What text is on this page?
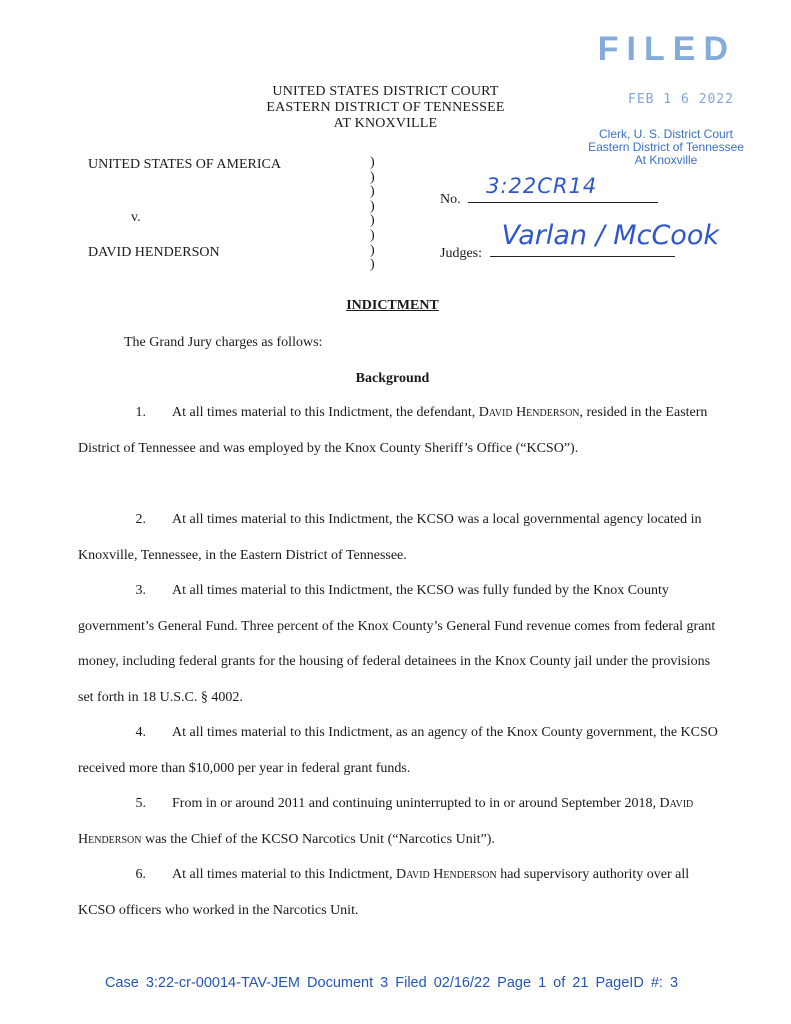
FILED
FEB 1 6 2022
Clerk, U. S. District Court
Eastern District of Tennessee
At Knoxville
UNITED STATES DISTRICT COURT
EASTERN DISTRICT OF TENNESSEE
AT KNOXVILLE
UNITED STATES OF AMERICA
v.
DAVID HENDERSON
)
)
)
)
)
)
)
)
No.
3:22CR14
Judges:
Varlan / McCook
INDICTMENT
The Grand Jury charges as follows:
Background

1. At all times material to this Indictment, the defendant, David Henderson, resided in the Eastern District of Tennessee and was employed by the Knox County Sheriff’s Office (“KCSO”).

2. At all times material to this Indictment, the KCSO was a local governmental agency located in Knoxville, Tennessee, in the Eastern District of Tennessee.

3. At all times material to this Indictment, the KCSO was fully funded by the Knox County government’s General Fund. Three percent of the Knox County’s General Fund revenue comes from federal grant money, including federal grants for the housing of federal detainees in the Knox County jail under the provisions set forth in 18 U.S.C. § 4002.

4. At all times material to this Indictment, as an agency of the Knox County government, the KCSO received more than $10,000 per year in federal grant funds.

5. From in or around 2011 and continuing uninterrupted to in or around September 2018, David Henderson was the Chief of the KCSO Narcotics Unit (“Narcotics Unit”).

6. At all times material to this Indictment, David Henderson had supervisory authority over all KCSO officers who worked in the Narcotics Unit.

Case 3:22-cr-00014-TAV-JEM Document 3 Filed 02/16/22 Page 1 of 21 PageID #: 3
